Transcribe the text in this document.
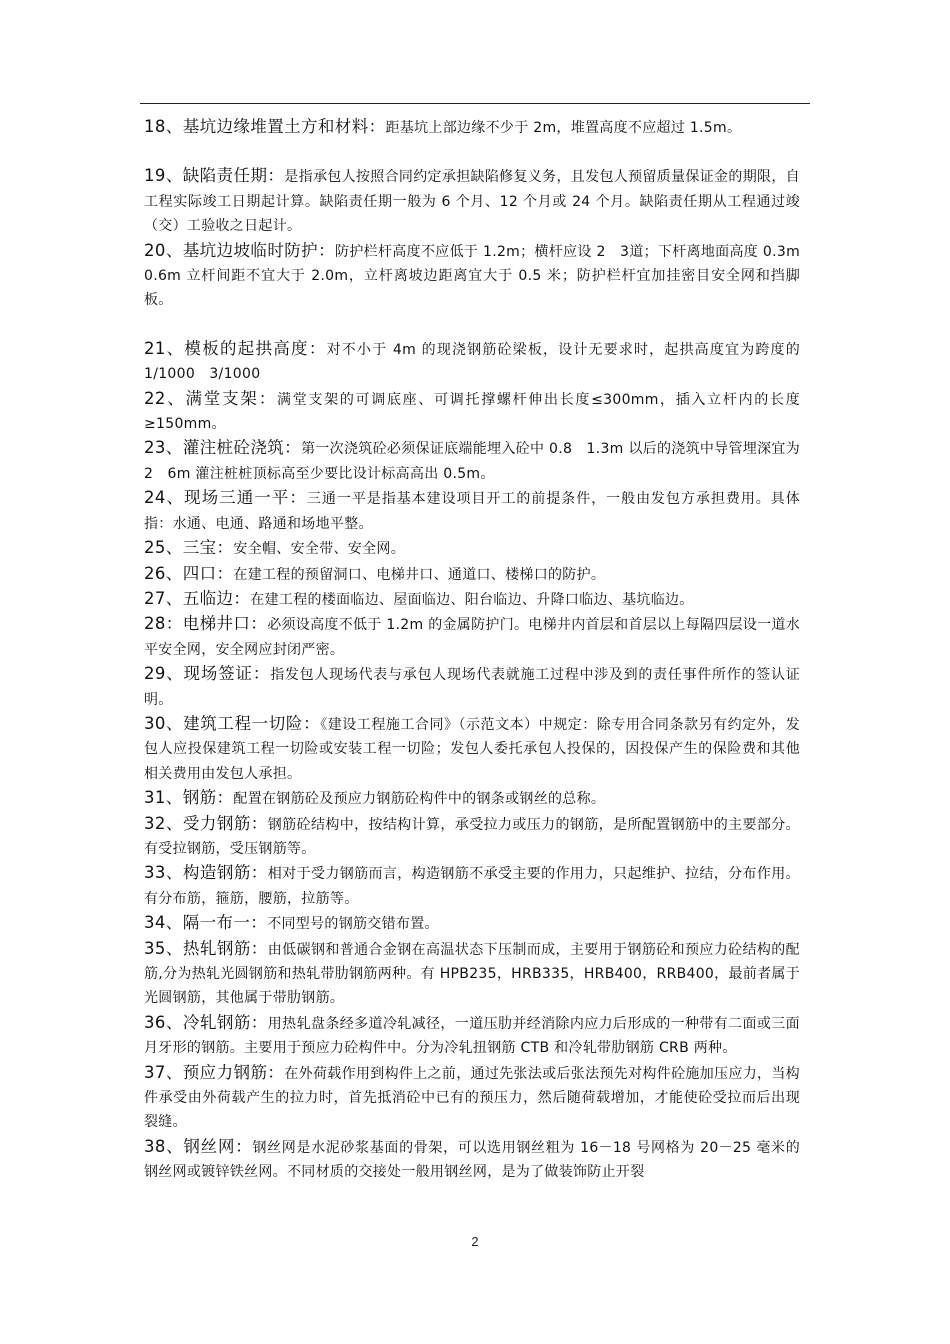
18、基坑边缘堆置土方和材料：距基坑上部边缘不少于 2m，堆置高度不应超过 1.5m。

19、缺陷责任期：是指承包人按照合同约定承担缺陷修复义务，且发包人预留质量保证金的期限，自工程实际竣工日期起计算。缺陷责任期一般为 6 个月、12 个月或 24 个月。缺陷责任期从工程通过竣（交）工验收之日起计。

20、基坑边坡临时防护：防护栏杆高度不应低于 1.2m；横杆应设 2　3道；下杆离地面高度 0.3m　0.6m 立杆间距不宜大于 2.0m，立杆离坡边距离宜大于 0.5 米；防护栏杆宜加挂密目安全网和挡脚板。

21、模板的起拱高度：对不小于 4m 的现浇钢筋砼梁板，设计无要求时，起拱高度宜为跨度的 1/1000　3/1000

22、满堂支架：满堂支架的可调底座、可调托撑螺杆伸出长度≤300mm，插入立杆内的长度≥150mm。

23、灌注桩砼浇筑：第一次浇筑砼必须保证底端能埋入砼中 0.8　1.3m 以后的浇筑中导管埋深宜为 2　6m 灌注桩桩顶标高至少要比设计标高高出 0.5m。

24、现场三通一平：三通一平是指基本建设项目开工的前提条件，一般由发包方承担费用。具体指：水通、电通、路通和场地平整。

25、三宝：安全帽、安全带、安全网。

26、四口：在建工程的预留洞口、电梯井口、通道口、楼梯口的防护。

27、五临边：在建工程的楼面临边、屋面临边、阳台临边、升降口临边、基坑临边。

28：电梯井口：必须设高度不低于 1.2m 的金属防护门。电梯井内首层和首层以上每隔四层设一道水平安全网，安全网应封闭严密。

29、现场签证：指发包人现场代表与承包人现场代表就施工过程中涉及到的责任事件所作的签认证明。

30、建筑工程一切险：《建设工程施工合同》（示范文本）中规定：除专用合同条款另有约定外，发包人应投保建筑工程一切险或安装工程一切险；发包人委托承包人投保的，因投保产生的保险费和其他相关费用由发包人承担。

31、钢筋：配置在钢筋砼及预应力钢筋砼构件中的钢条或钢丝的总称。

32、受力钢筋：钢筋砼结构中，按结构计算，承受拉力或压力的钢筋，是所配置钢筋中的主要部分。有受拉钢筋，受压钢筋等。

33、构造钢筋：相对于受力钢筋而言，构造钢筋不承受主要的作用力，只起维护、拉结，分布作用。有分布筋，箍筋，腰筋，拉筋等。

34、隔一布一：不同型号的钢筋交错布置。

35、热轧钢筋：由低碳钢和普通合金钢在高温状态下压制而成，主要用于钢筋砼和预应力砼结构的配筋,分为热轧光圆钢筋和热轧带肋钢筋两种。有 HPB235，HRB335，HRB400，RRB400，最前者属于光圆钢筋，其他属于带肋钢筋。

36、冷轧钢筋：用热轧盘条经多道冷轧减径，一道压肋并经消除内应力后形成的一种带有二面或三面月牙形的钢筋。主要用于预应力砼构件中。分为冷轧扭钢筋 CTB 和冷轧带肋钢筋 CRB 两种。

37、预应力钢筋：在外荷载作用到构件上之前，通过先张法或后张法预先对构件砼施加压应力，当构件承受由外荷载产生的拉力时，首先抵消砼中已有的预压力，然后随荷载增加，才能使砼受拉而后出现裂缝。

38、钢丝网：钢丝网是水泥砂浆基面的骨架，可以选用钢丝粗为 16－18 号网格为 20－25 毫米的钢丝网或镀锌铁丝网。不同材质的交接处一般用钢丝网，是为了做装饰防止开裂

2
